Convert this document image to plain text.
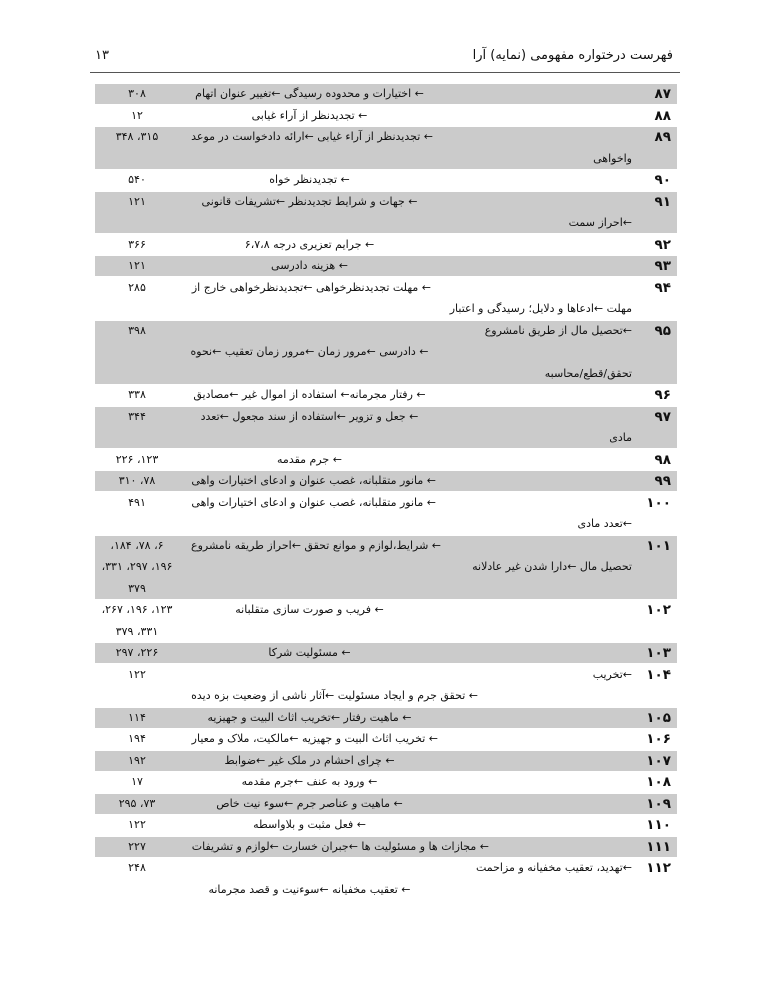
فهرست درختواره مفهومی (نمایه) آرا
۱۳
۸۷
← اختیارات و محدوده رسیدگی ←تغییر عنوان اتهام
۳۰۸
۸۸
← تجدیدنظر از آراء غیابی
۱۲
۸۹
← تجدیدنظر از آراء غیابی ←ارائه دادخواست در موعد
واخواهی
۳۱۵، ۳۴۸
۹۰
← تجدیدنظر خواه
۵۴۰
۹۱
← جهات و شرایط تجدیدنظر ←تشریفات قانونی
←احراز سمت
۱۲۱
۹۲
← جرایم تعزیری درجه ۶،۷،۸
۳۶۶
۹۳
← هزینه دادرسی
۱۲۱
۹۴
← مهلت تجدیدنظرخواهی ←تجدیدنظرخواهی خارج از
مهلت ←ادعاها و دلایل؛ رسیدگی و اعتبار
۲۸۵
۹۵
←تحصیل مال از طریق نامشروع
← دادرسی ←مرور زمان ←مرور زمان تعقیب ←نحوه
تحقق/قطع/محاسبه
۳۹۸
۹۶
← رفتار مجرمانه← استفاده از اموال غیر ←مصادیق
۳۳۸
۹۷
← جعل و تزویر ←استفاده از سند مجعول ←تعدد
مادی
۳۴۴
۹۸
← جرم مقدمه
۱۲۳، ۲۲۶
۹۹
← مانور متقلبانه، غصب عنوان و ادعای اختیارات واهی
۷۸، ۳۱۰
۱۰۰
← مانور متقلبانه، غصب عنوان و ادعای اختیارات واهی
←تعدد مادی
۴۹۱
۱۰۱
← شرایط،لوازم و موانع تحقق ←احراز طریقه نامشروع
تحصیل مال ←دارا شدن غیر عادلانه
۶، ۷۸، ۱۸۴،
۱۹۶، ۲۹۷، ۳۳۱،
۳۷۹
۱۰۲
← فریب و صورت سازی متقلبانه
۱۲۳، ۱۹۶، ۲۶۷،
۳۳۱، ۳۷۹
۱۰۳
← مسئولیت شرکا
۲۲۶، ۲۹۷
۱۰۴
←تخریب
← تحقق جرم و ایجاد مسئولیت ←آثار ناشی از وضعیت بزه دیده
۱۲۲
۱۰۵
← ماهیت رفتار ←تخریب اثاث البیت و جهیزیه
۱۱۴
۱۰۶
← تخریب اثاث البیت و جهیزیه ←مالکیت، ملاک و معیار
۱۹۴
۱۰۷
← چرای احشام در ملک غیر ←ضوابط
۱۹۲
۱۰۸
← ورود به عنف ←جرم مقدمه
۱۷
۱۰۹
← ماهیت و عناصر جرم ←سوء نیت خاص
۷۳، ۲۹۵
۱۱۰
← فعل مثبت و بلاواسطه
۱۲۲
۱۱۱
← مجازات ها و مسئولیت ها ←جبران خسارت ←لوازم و تشریفات
۲۲۷
۱۱۲
←تهدید، تعقیب مخفیانه و مزاحمت
← تعقیب مخفیانه ←سوءنیت و قصد مجرمانه
۲۴۸
